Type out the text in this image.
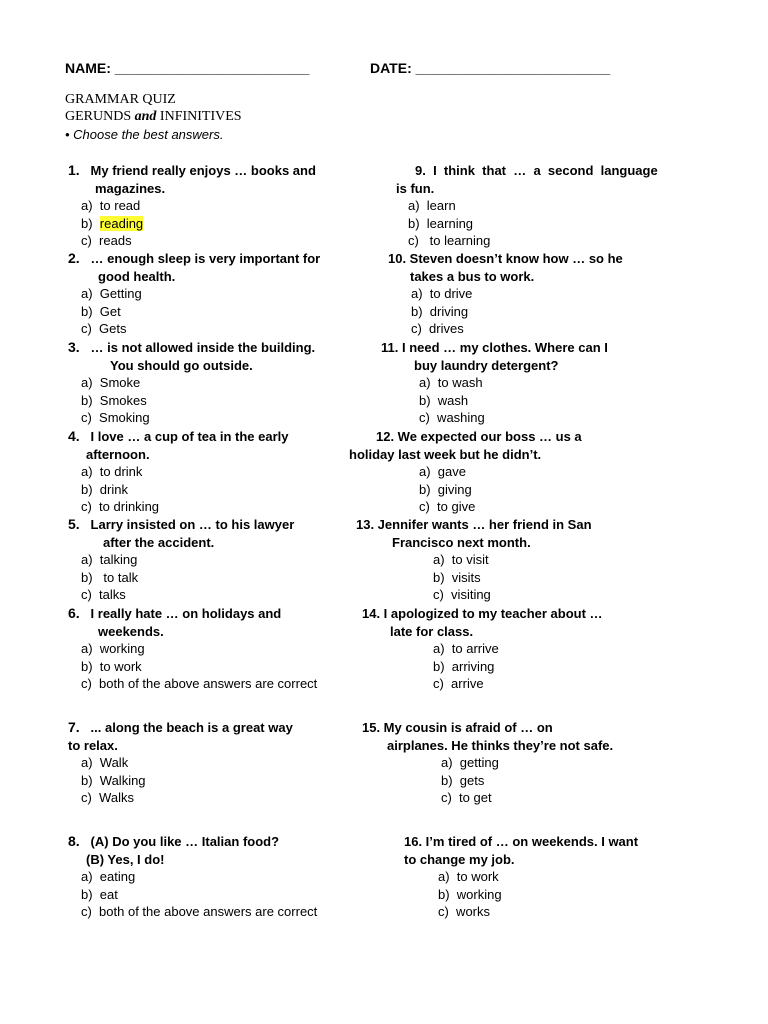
NAME: _________________________	DATE: _________________________
GRAMMAR QUIZ
GERUNDS and INFINITIVES
• Choose the best answers.
1. My friend really enjoys … books and
magazines.
a)  to read
b)  reading
c)  reads
2. … enough sleep is very important for
good health.
a)  Getting
b)  Get
c)  Gets
3. … is not allowed inside the building.
You should go outside.
a)  Smoke
b)  Smokes
c)  Smoking
4. I love … a cup of tea in the early
afternoon.
a)  to drink
b)  drink
c)  to drinking
5. Larry insisted on … to his lawyer
after the accident.
a)  talking
b)   to talk
c)  talks
6. I really hate … on holidays and
weekends.
a)  working
b)  to work
c)  both of the above answers are correct
7. ... along the beach is a great way
to relax.
a)  Walk
b)  Walking
c)  Walks
8. (A) Do you like … Italian food?
(B) Yes, I do!
a)  eating
b)  eat
c)  both of the above answers are correct
9.  I  think  that  …  a  second  language
is fun.
a)  learn
b)  learning
c)   to learning
10. Steven doesn’t know how … so he
takes a bus to work.
a)  to drive
b)  driving
c)  drives
11. I need … my clothes. Where can I
buy laundry detergent?
a)  to wash
b)  wash
c)  washing
12. We expected our boss … us a
holiday last week but he didn’t.
a)  gave
b)  giving
c)  to give
13. Jennifer wants … her friend in San
Francisco next month.
a)  to visit
b)  visits
c)  visiting
14. I apologized to my teacher about …
late for class.
a)  to arrive
b)  arriving
c)  arrive
15. My cousin is afraid of … on
airplanes. He thinks they’re not safe.
a)  getting
b)  gets
c)  to get
16. I’m tired of … on weekends. I want
to change my job.
a)  to work
b)  working
c)  works
